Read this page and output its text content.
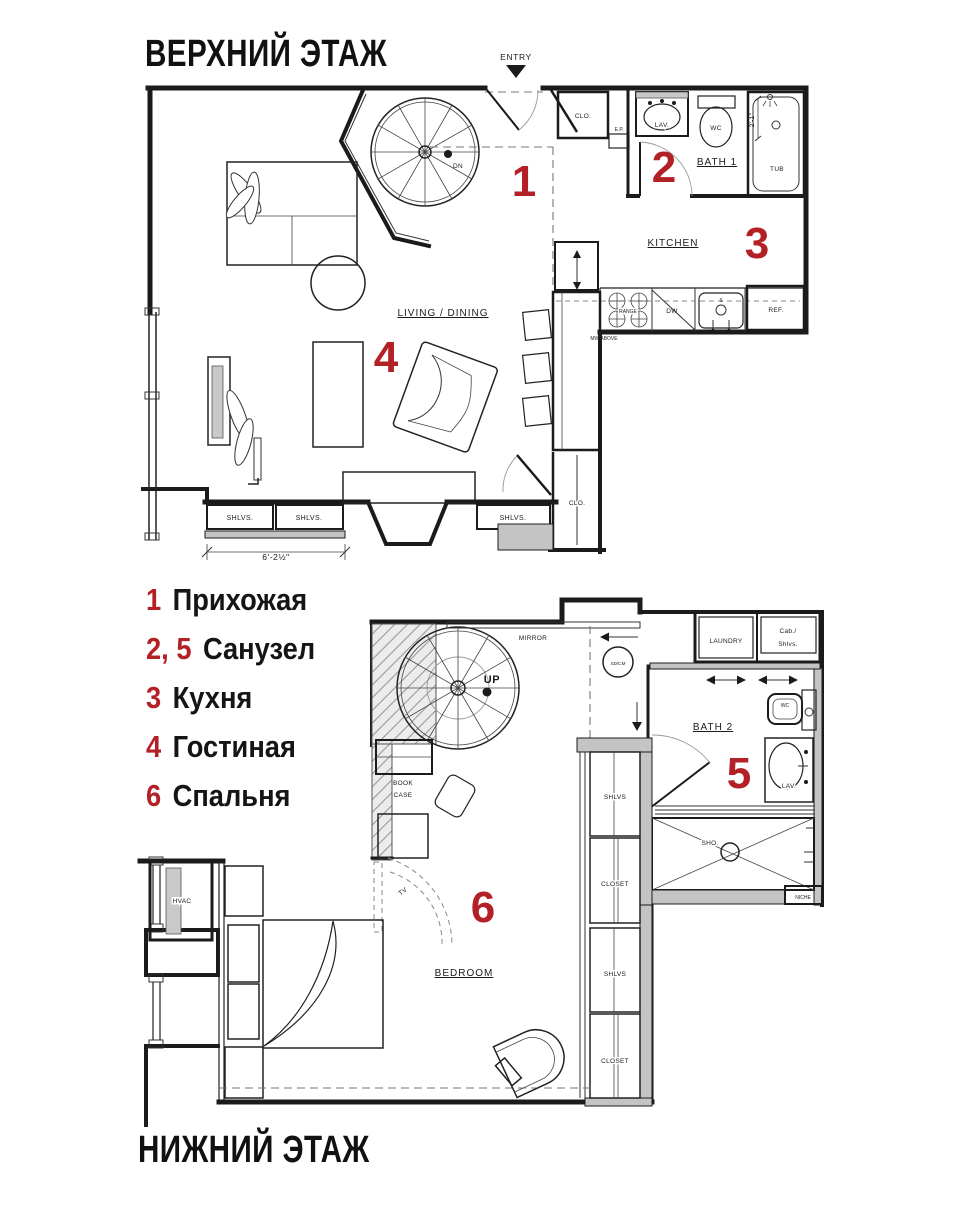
ВЕРХНИЙ ЭТАЖ
1 Прихожая
2, 5 Санузел
3 Кухня
4 Гостиная
6 Спальня
НИЖНИЙ ЭТАЖ
ENTRY
CLO.
E.P.
LAV.	WC
2'-1"
TUB
BATH 1
RANGE	DW
S
REF.
MW ABOVE
KITCHEN
DN
LIVING / DINING
SHLVS.	SHLVS.	SHLVS.
CLO.
6'-2½"
1	2
3
4
HVAC
UP
MIRROR
SD/CM
LAUNDRY
Cab./
Shlvs.
WC
LAV.
SHO.
NICHE
BATH 2
SHLVS
CLOSET
SHLVS
CLOSET
BOOK
CASE
TV
BEDROOM
5
6
